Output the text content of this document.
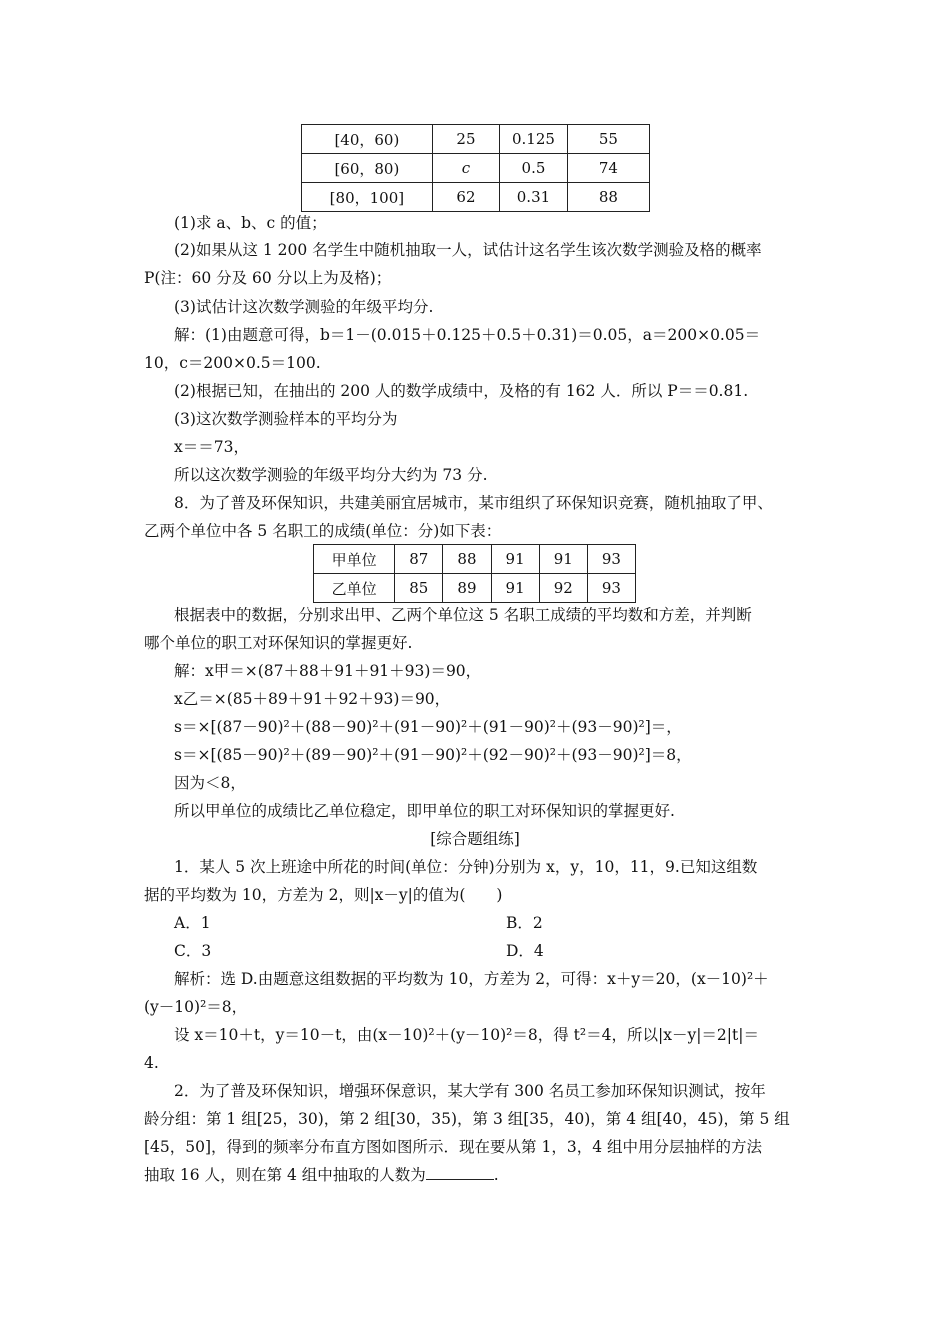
[40，60)	25	0.125	55
[60，80)	c	0.5	74
[80，100]	62	0.31	88
(1)求 a、b、c 的值；
(2)如果从这 1 200 名学生中随机抽取一人，试估计这名学生该次数学测验及格的概率
P(注：60 分及 60 分以上为及格)；
(3)试估计这次数学测验的年级平均分.
解：(1)由题意可得，b＝1－(0.015＋0.125＋0.5＋0.31)＝0.05，a＝200×0.05＝
10，c＝200×0.5＝100.
(2)根据已知，在抽出的 200 人的数学成绩中，及格的有 162 人．所以 P＝＝0.81.
(3)这次数学测验样本的平均分为
x＝＝73，
所以这次数学测验的年级平均分大约为 73 分.
8．为了普及环保知识，共建美丽宜居城市，某市组织了环保知识竞赛，随机抽取了甲、
乙两个单位中各 5 名职工的成绩(单位：分)如下表：
甲单位	87	88	91	91	93
乙单位	85	89	91	92	93
根据表中的数据，分别求出甲、乙两个单位这 5 名职工成绩的平均数和方差，并判断
哪个单位的职工对环保知识的掌握更好.
解：x甲＝×(87＋88＋91＋91＋93)＝90，
x乙＝×(85＋89＋91＋92＋93)＝90，
s＝×[(87－90)²＋(88－90)²＋(91－90)²＋(91－90)²＋(93－90)²]＝，
s＝×[(85－90)²＋(89－90)²＋(91－90)²＋(92－90)²＋(93－90)²]＝8，
因为＜8，
所以甲单位的成绩比乙单位稳定，即甲单位的职工对环保知识的掌握更好.
[综合题组练]
1．某人 5 次上班途中所花的时间(单位：分钟)分别为 x，y，10，11，9.已知这组数
据的平均数为 10，方差为 2，则|x－y|的值为(　　)
A．1	B．2
C．3	D．4
解析：选 D.由题意这组数据的平均数为 10，方差为 2，可得：x＋y＝20，(x－10)²＋
(y－10)²＝8，
设 x＝10＋t，y＝10－t，由(x－10)²＋(y－10)²＝8，得 t²＝4，所以|x－y|＝2|t|＝
4.
2．为了普及环保知识，增强环保意识，某大学有 300 名员工参加环保知识测试，按年
龄分组：第 1 组[25，30)，第 2 组[30，35)，第 3 组[35，40)，第 4 组[40，45)，第 5 组
[45，50]，得到的频率分布直方图如图所示．现在要从第 1，3，4 组中用分层抽样的方法
抽取 16 人，则在第 4 组中抽取的人数为	.
